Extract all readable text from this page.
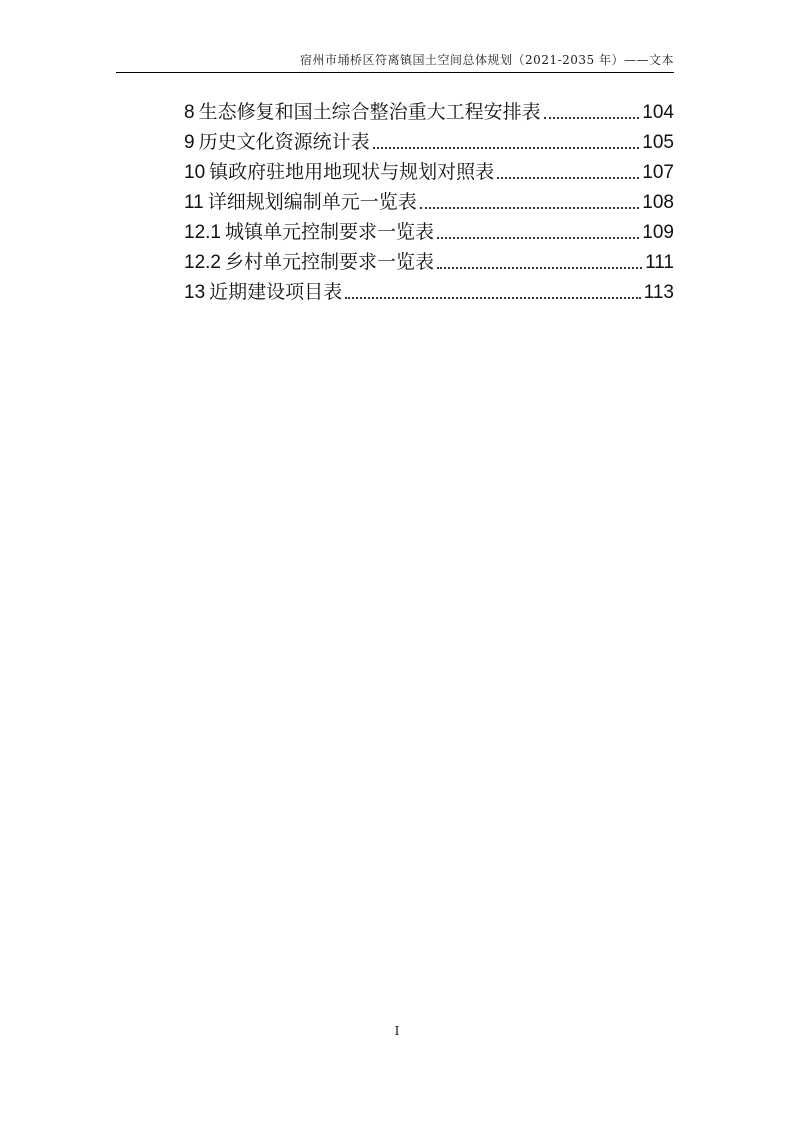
宿州市埇桥区符离镇国土空间总体规划（2021-2035 年）——文本
8 生态修复和国土综合整治重大工程安排表	104
9 历史文化资源统计表	105
10 镇政府驻地用地现状与规划对照表	107
11 详细规划编制单元一览表	108
12.1 城镇单元控制要求一览表	109
12.2 乡村单元控制要求一览表	111
13 近期建设项目表	113
I
